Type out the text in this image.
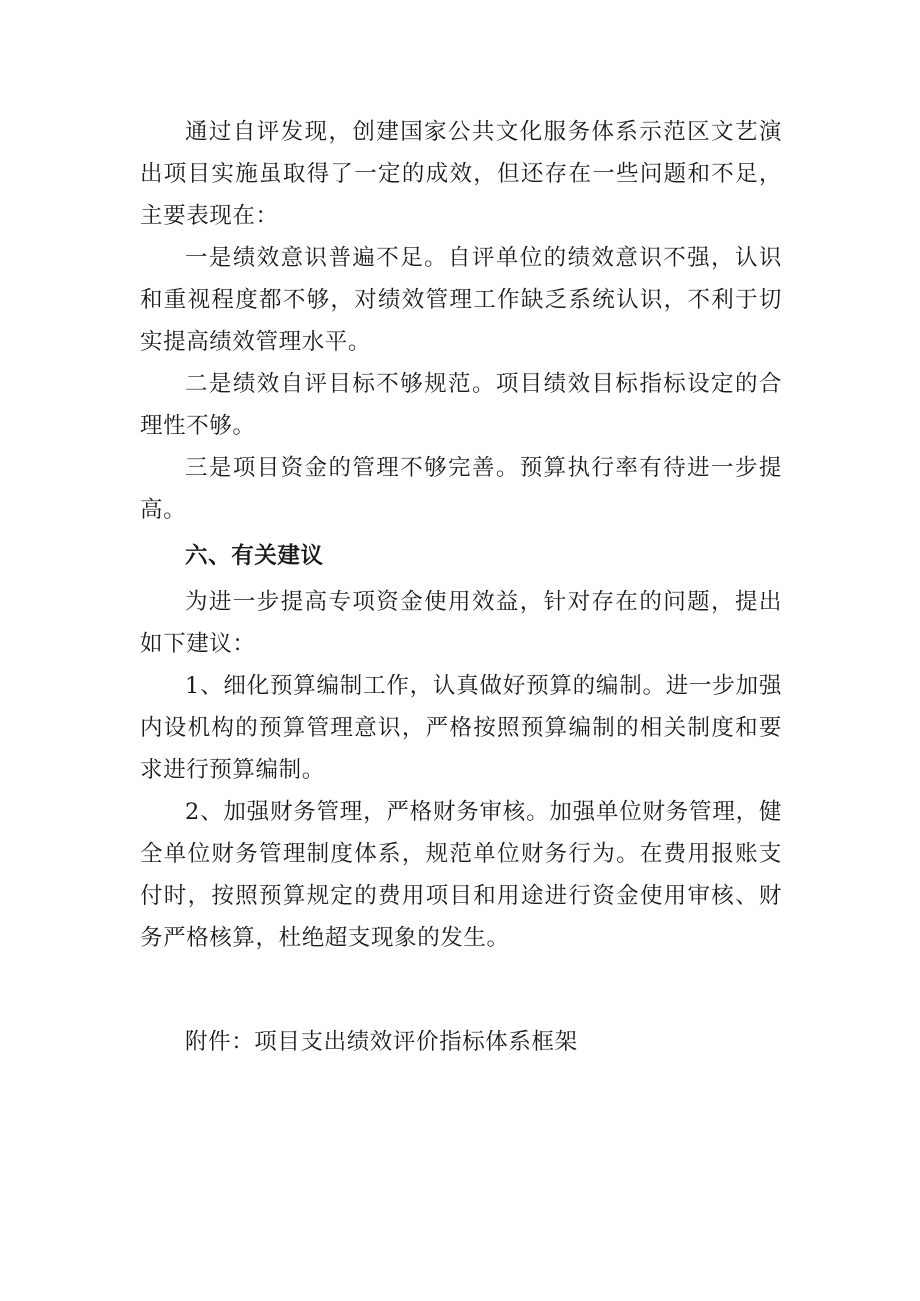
通过自评发现，创建国家公共文化服务体系示范区文艺演出项目实施虽取得了一定的成效，但还存在一些问题和不足，主要表现在：

一是绩效意识普遍不足。自评单位的绩效意识不强，认识和重视程度都不够，对绩效管理工作缺乏系统认识，不利于切实提高绩效管理水平。

二是绩效自评目标不够规范。项目绩效目标指标设定的合理性不够。

三是项目资金的管理不够完善。预算执行率有待进一步提高。

六、有关建议

为进一步提高专项资金使用效益，针对存在的问题，提出如下建议：

1、细化预算编制工作，认真做好预算的编制。进一步加强内设机构的预算管理意识，严格按照预算编制的相关制度和要求进行预算编制。

2、加强财务管理，严格财务审核。加强单位财务管理，健全单位财务管理制度体系，规范单位财务行为。在费用报账支付时，按照预算规定的费用项目和用途进行资金使用审核、财务严格核算，杜绝超支现象的发生。

附件：项目支出绩效评价指标体系框架
